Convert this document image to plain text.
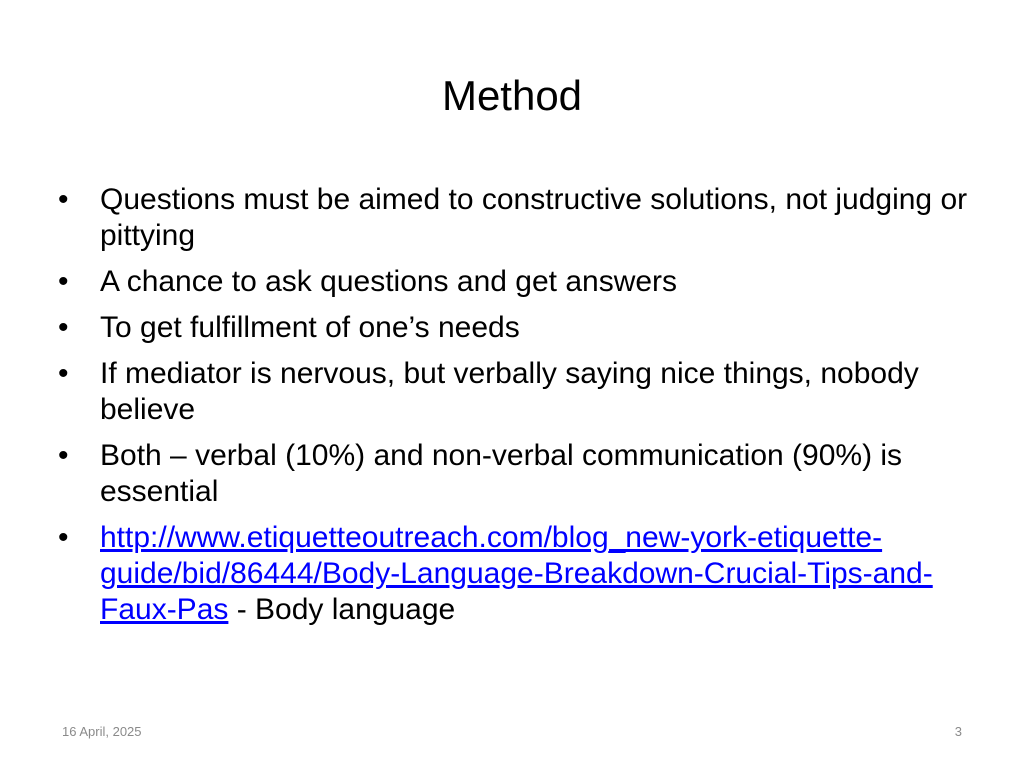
Method
•	Questions must be aimed to constructive solutions, not judging or pittying
•	A chance to ask questions and get answers
•	To get fulfillment of one’s needs
•	If mediator is nervous, but verbally saying nice things, nobody believe
•	Both – verbal (10%) and non-verbal communication (90%) is essential
•	http://www.etiquetteoutreach.com/blog_new-york-etiquette-guide/bid/86444/Body-Language-Breakdown-Crucial-Tips-and-Faux-Pas - Body language
16 April, 2025	3
